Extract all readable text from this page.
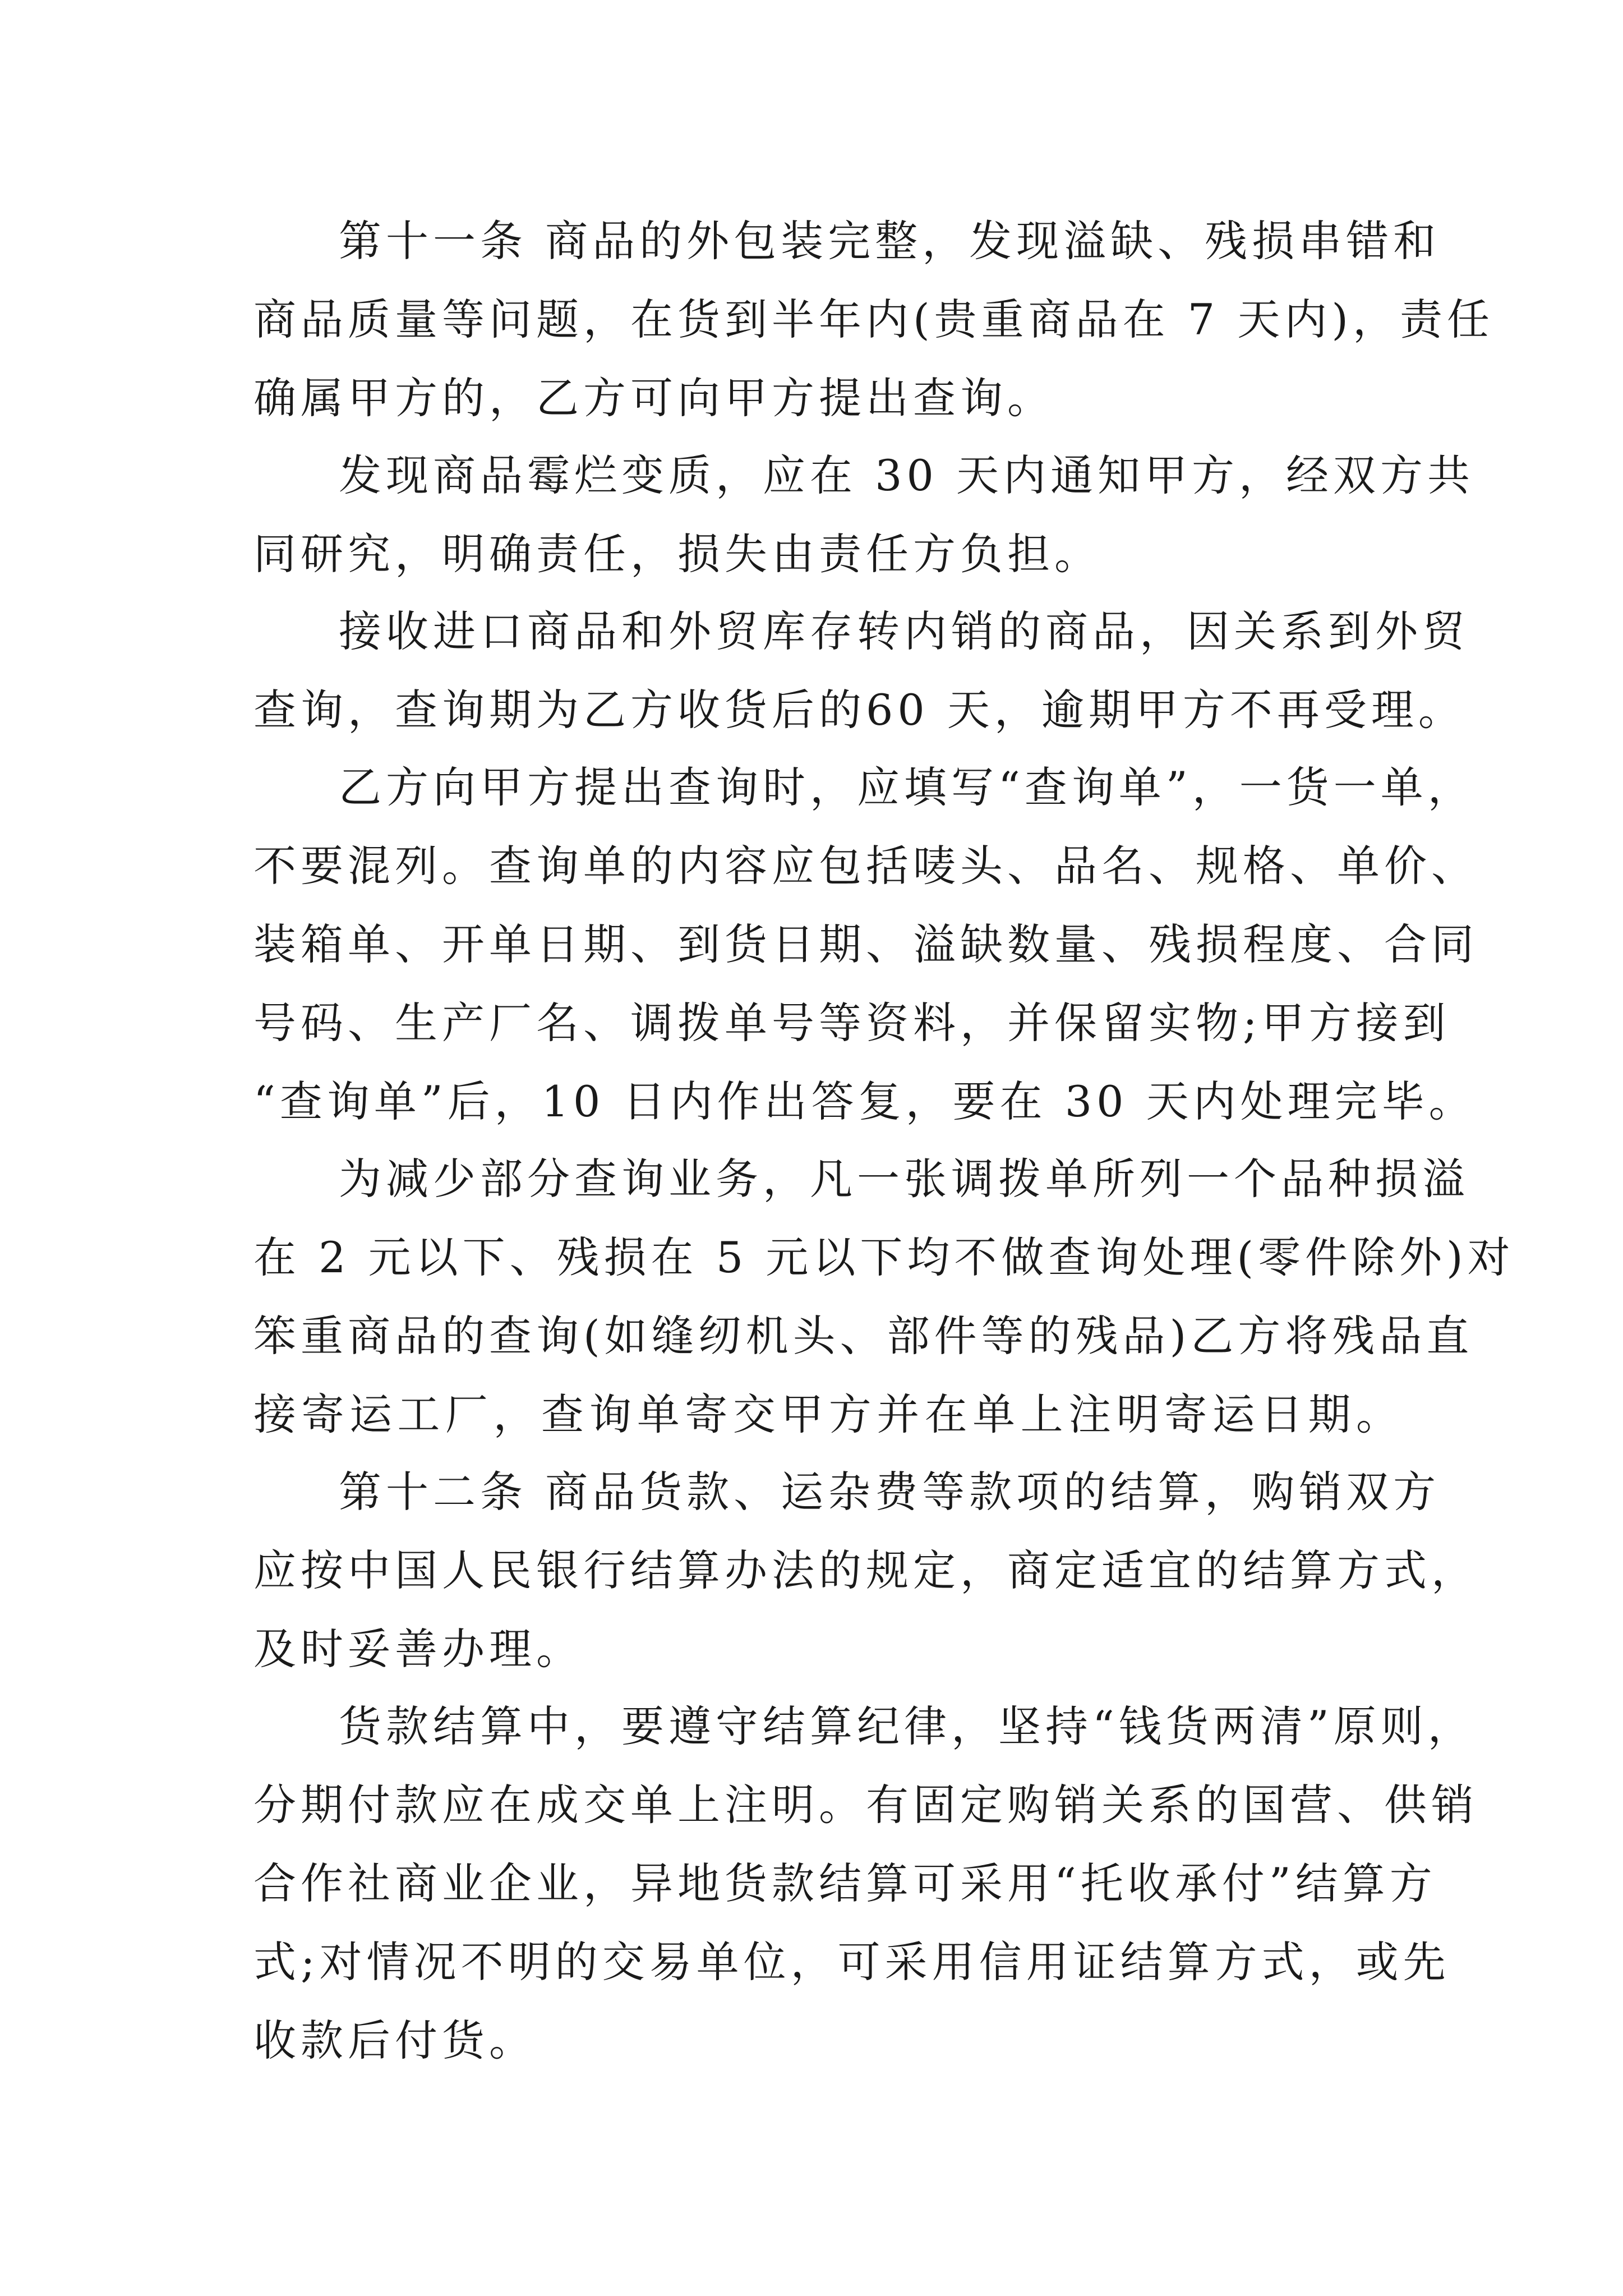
第十一条 商品的外包装完整，发现溢缺、残损串错和
商品质量等问题，在货到半年内(贵重商品在 7 天内)，责任
确属甲方的，乙方可向甲方提出查询。
发现商品霉烂变质，应在 30 天内通知甲方，经双方共
同研究，明确责任，损失由责任方负担。
接收进口商品和外贸库存转内销的商品，因关系到外贸
查询，查询期为乙方收货后的60 天，逾期甲方不再受理。
乙方向甲方提出查询时，应填写“查询单”，一货一单，
不要混列。查询单的内容应包括唛头、品名、规格、单价、
装箱单、开单日期、到货日期、溢缺数量、残损程度、合同
号码、生产厂名、调拨单号等资料，并保留实物;甲方接到
“查询单”后，10 日内作出答复，要在 30 天内处理完毕。
为减少部分查询业务，凡一张调拨单所列一个品种损溢
在 2 元以下、残损在 5 元以下均不做查询处理(零件除外)对
笨重商品的查询(如缝纫机头、部件等的残品)乙方将残品直
接寄运工厂，查询单寄交甲方并在单上注明寄运日期。
第十二条 商品货款、运杂费等款项的结算，购销双方
应按中国人民银行结算办法的规定，商定适宜的结算方式，
及时妥善办理。
货款结算中，要遵守结算纪律，坚持“钱货两清”原则，
分期付款应在成交单上注明。有固定购销关系的国营、供销
合作社商业企业，异地货款结算可采用“托收承付”结算方
式;对情况不明的交易单位，可采用信用证结算方式，或先
收款后付货。
